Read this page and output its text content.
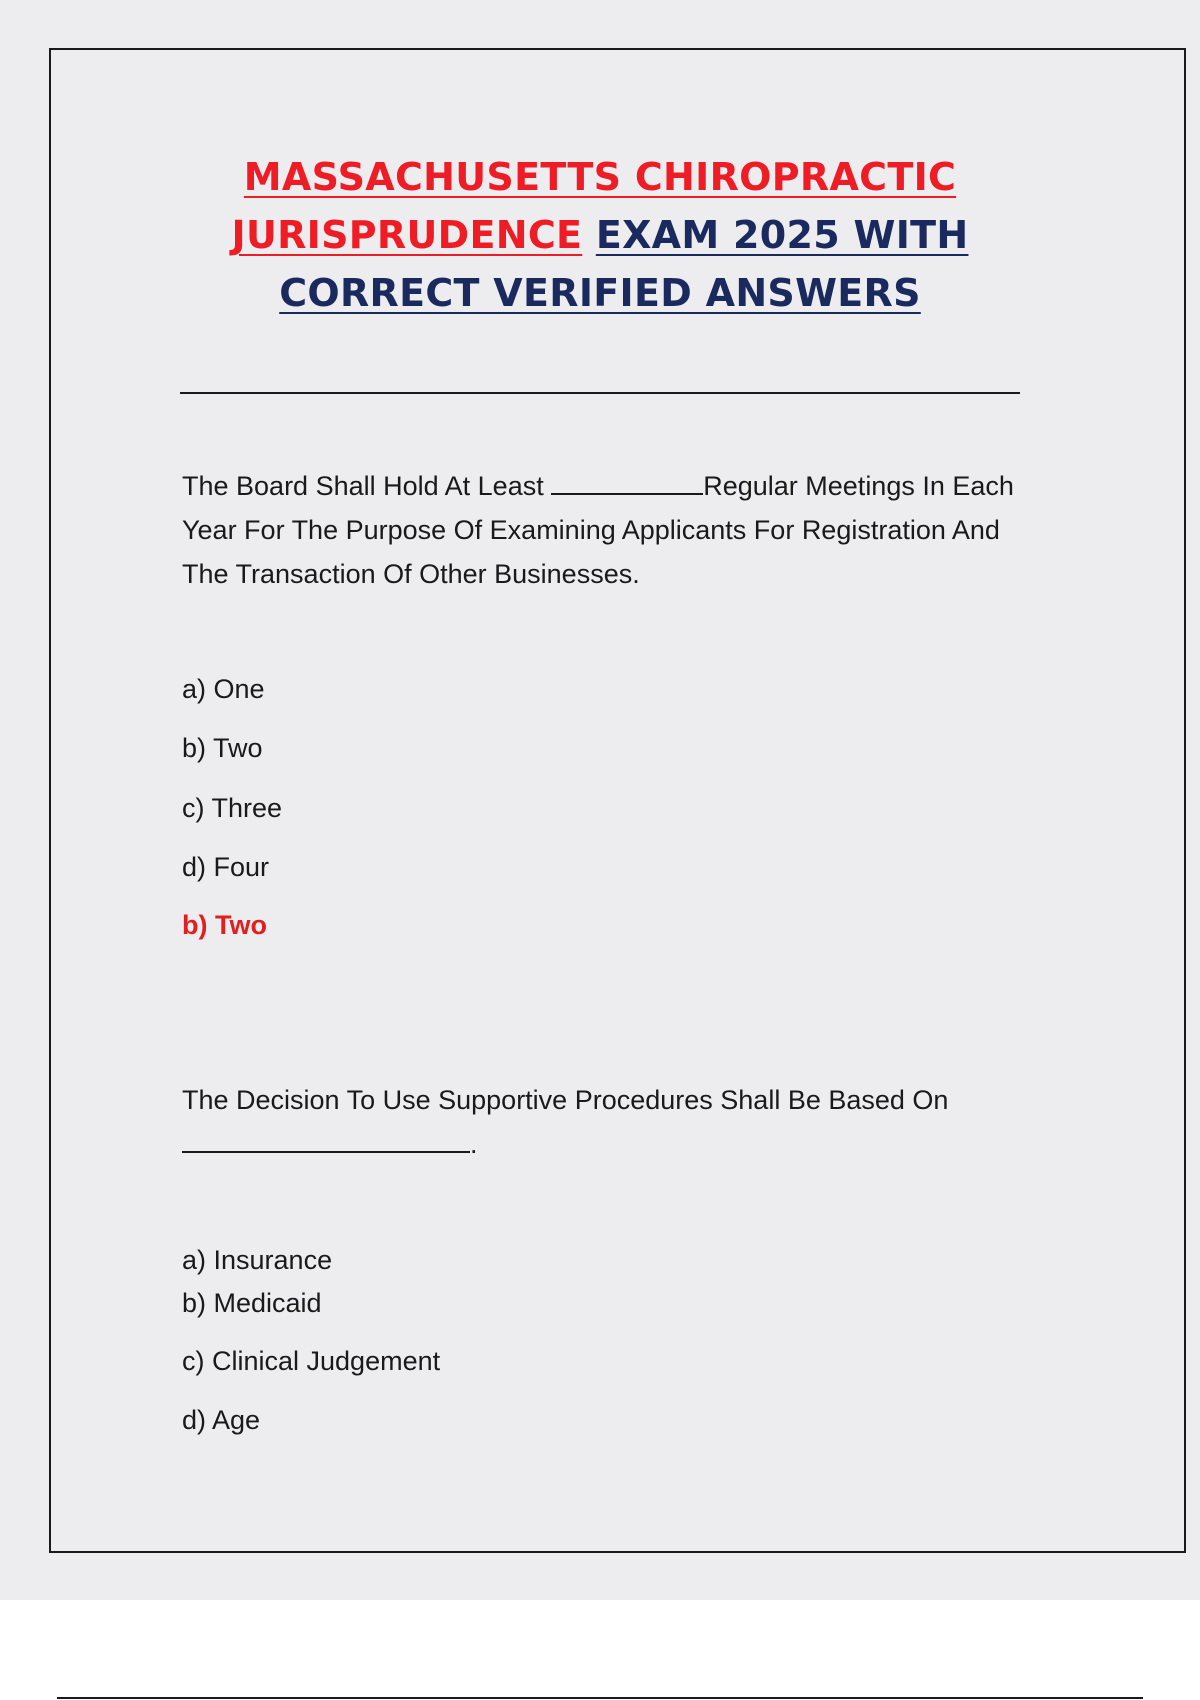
MASSACHUSETTS CHIROPRACTIC
JURISPRUDENCE EXAM 2025 WITH
CORRECT VERIFIED ANSWERS
The Board Shall Hold At Least	Regular Meetings In Each Year For The Purpose Of Examining Applicants For Registration And The Transaction Of Other Businesses.
a) One
b) Two
c) Three
d) Four
b) Two
The Decision To Use Supportive Procedures Shall Be Based On
.
a) Insurance
b) Medicaid
c) Clinical Judgement
d) Age
